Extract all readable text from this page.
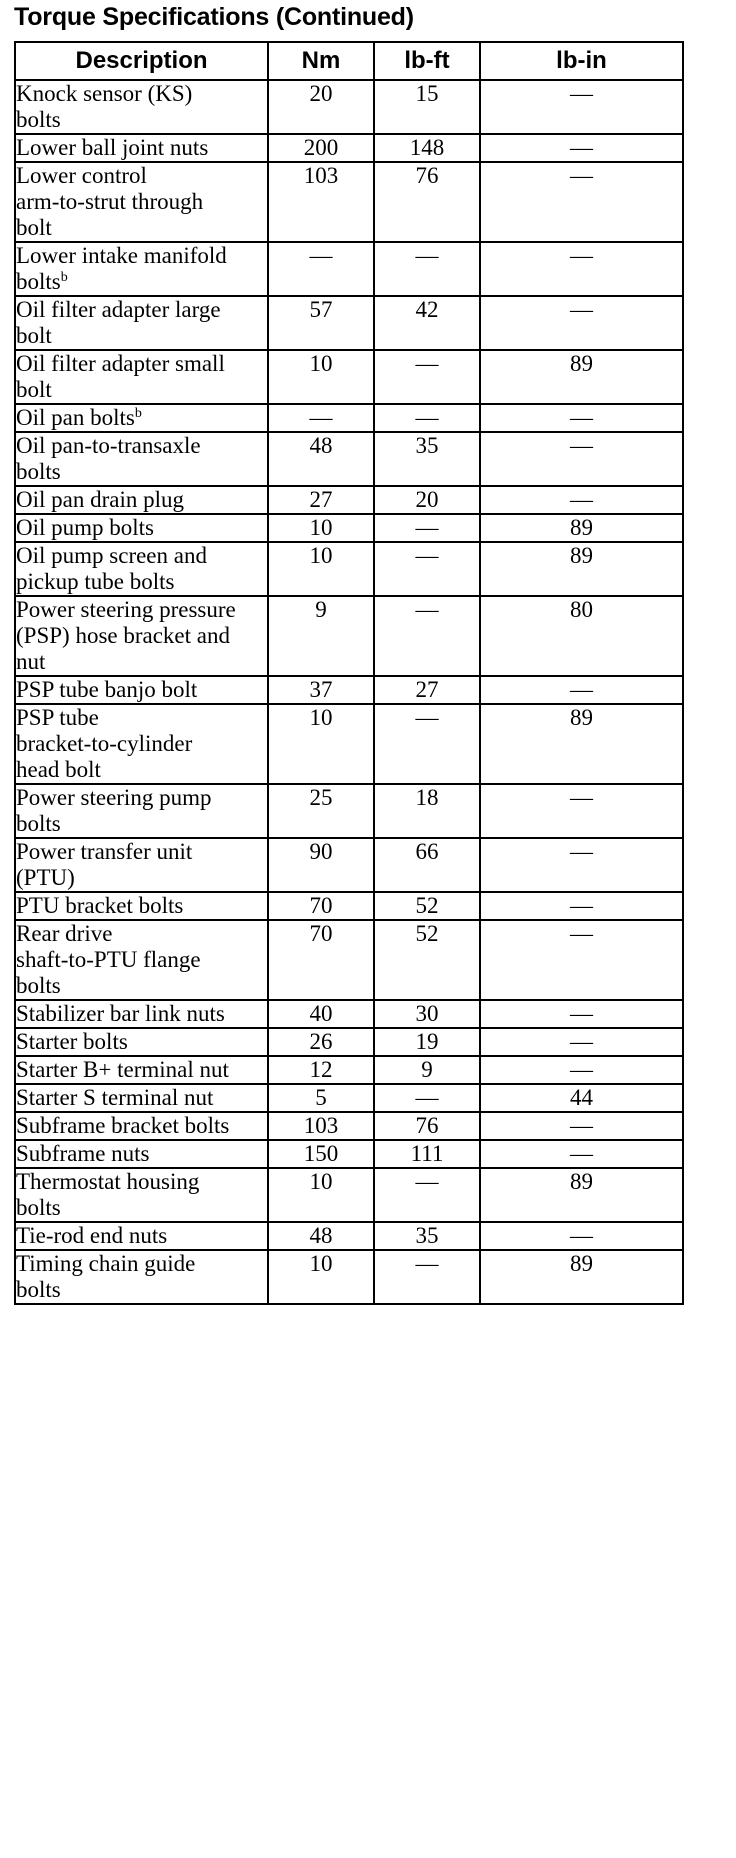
Torque Specifications (Continued)
Description	Nm	lb-ft	lb-in

Knock sensor (KS)
bolts	20	15	—

Lower ball joint nuts	200	148	—

Lower control
arm-to-strut through
bolt	103	76	—

Lower intake manifold
bolts$^b$	—	—	—

Oil filter adapter large
bolt	57	42	—

Oil filter adapter small
bolt	10	—	89

Oil pan bolts$^b$	—	—	—

Oil pan-to-transaxle
bolts	48	35	—

Oil pan drain plug	27	20	—

Oil pump bolts	10	—	89

Oil pump screen and
pickup tube bolts	10	—	89

Power steering pressure
(PSP) hose bracket and
nut	9	—	80

PSP tube banjo bolt	37	27	—

PSP tube
bracket-to-cylinder
head bolt	10	—	89

Power steering pump
bolts	25	18	—

Power transfer unit
(PTU)	90	66	—

PTU bracket bolts	70	52	—

Rear drive
shaft-to-PTU flange
bolts	70	52	—

Stabilizer bar link nuts	40	30	—

Starter bolts	26	19	—

Starter B+ terminal nut	12	9	—

Starter S terminal nut	5	—	44

Subframe bracket bolts	103	76	—

Subframe nuts	150	111	—

Thermostat housing
bolts	10	—	89

Tie-rod end nuts	48	35	—

Timing chain guide
bolts	10	—	89
